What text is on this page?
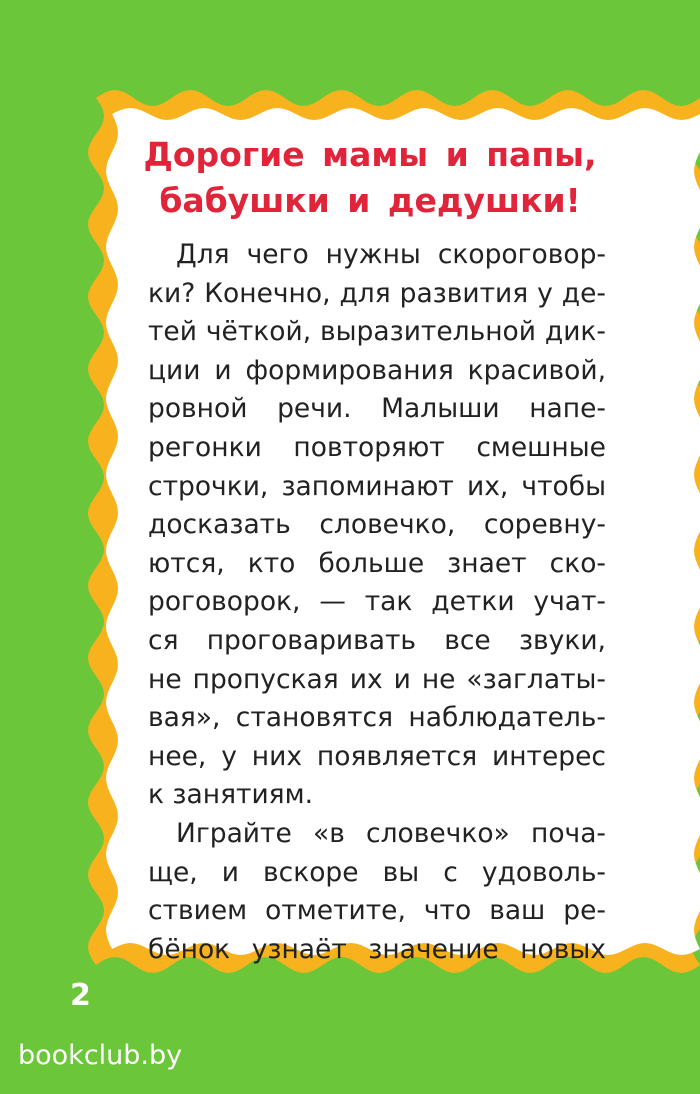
Дорогие мамы и папы,
бабушки и дедушки!
Для чего нужны скороговор-
ки? Конечно, для развития у де-
тей чёткой, выразительной дик-
ции и формирования красивой,
ровной речи. Малыши напе-
регонки повторяют смешные
строчки, запоминают их, чтобы
досказать словечко, соревну-
ются, кто больше знает ско-
роговорок, — так детки учат-
ся проговаривать все звуки,
не пропуская их и не «заглаты-
вая», становятся наблюдатель-
нее, у них появляется интерес
к занятиям.
Играйте «в словечко» поча-
ще, и вскоре вы с удоволь-
ствием отметите, что ваш ре-
бёнок узнаёт значение новых
2
bookclub.by
